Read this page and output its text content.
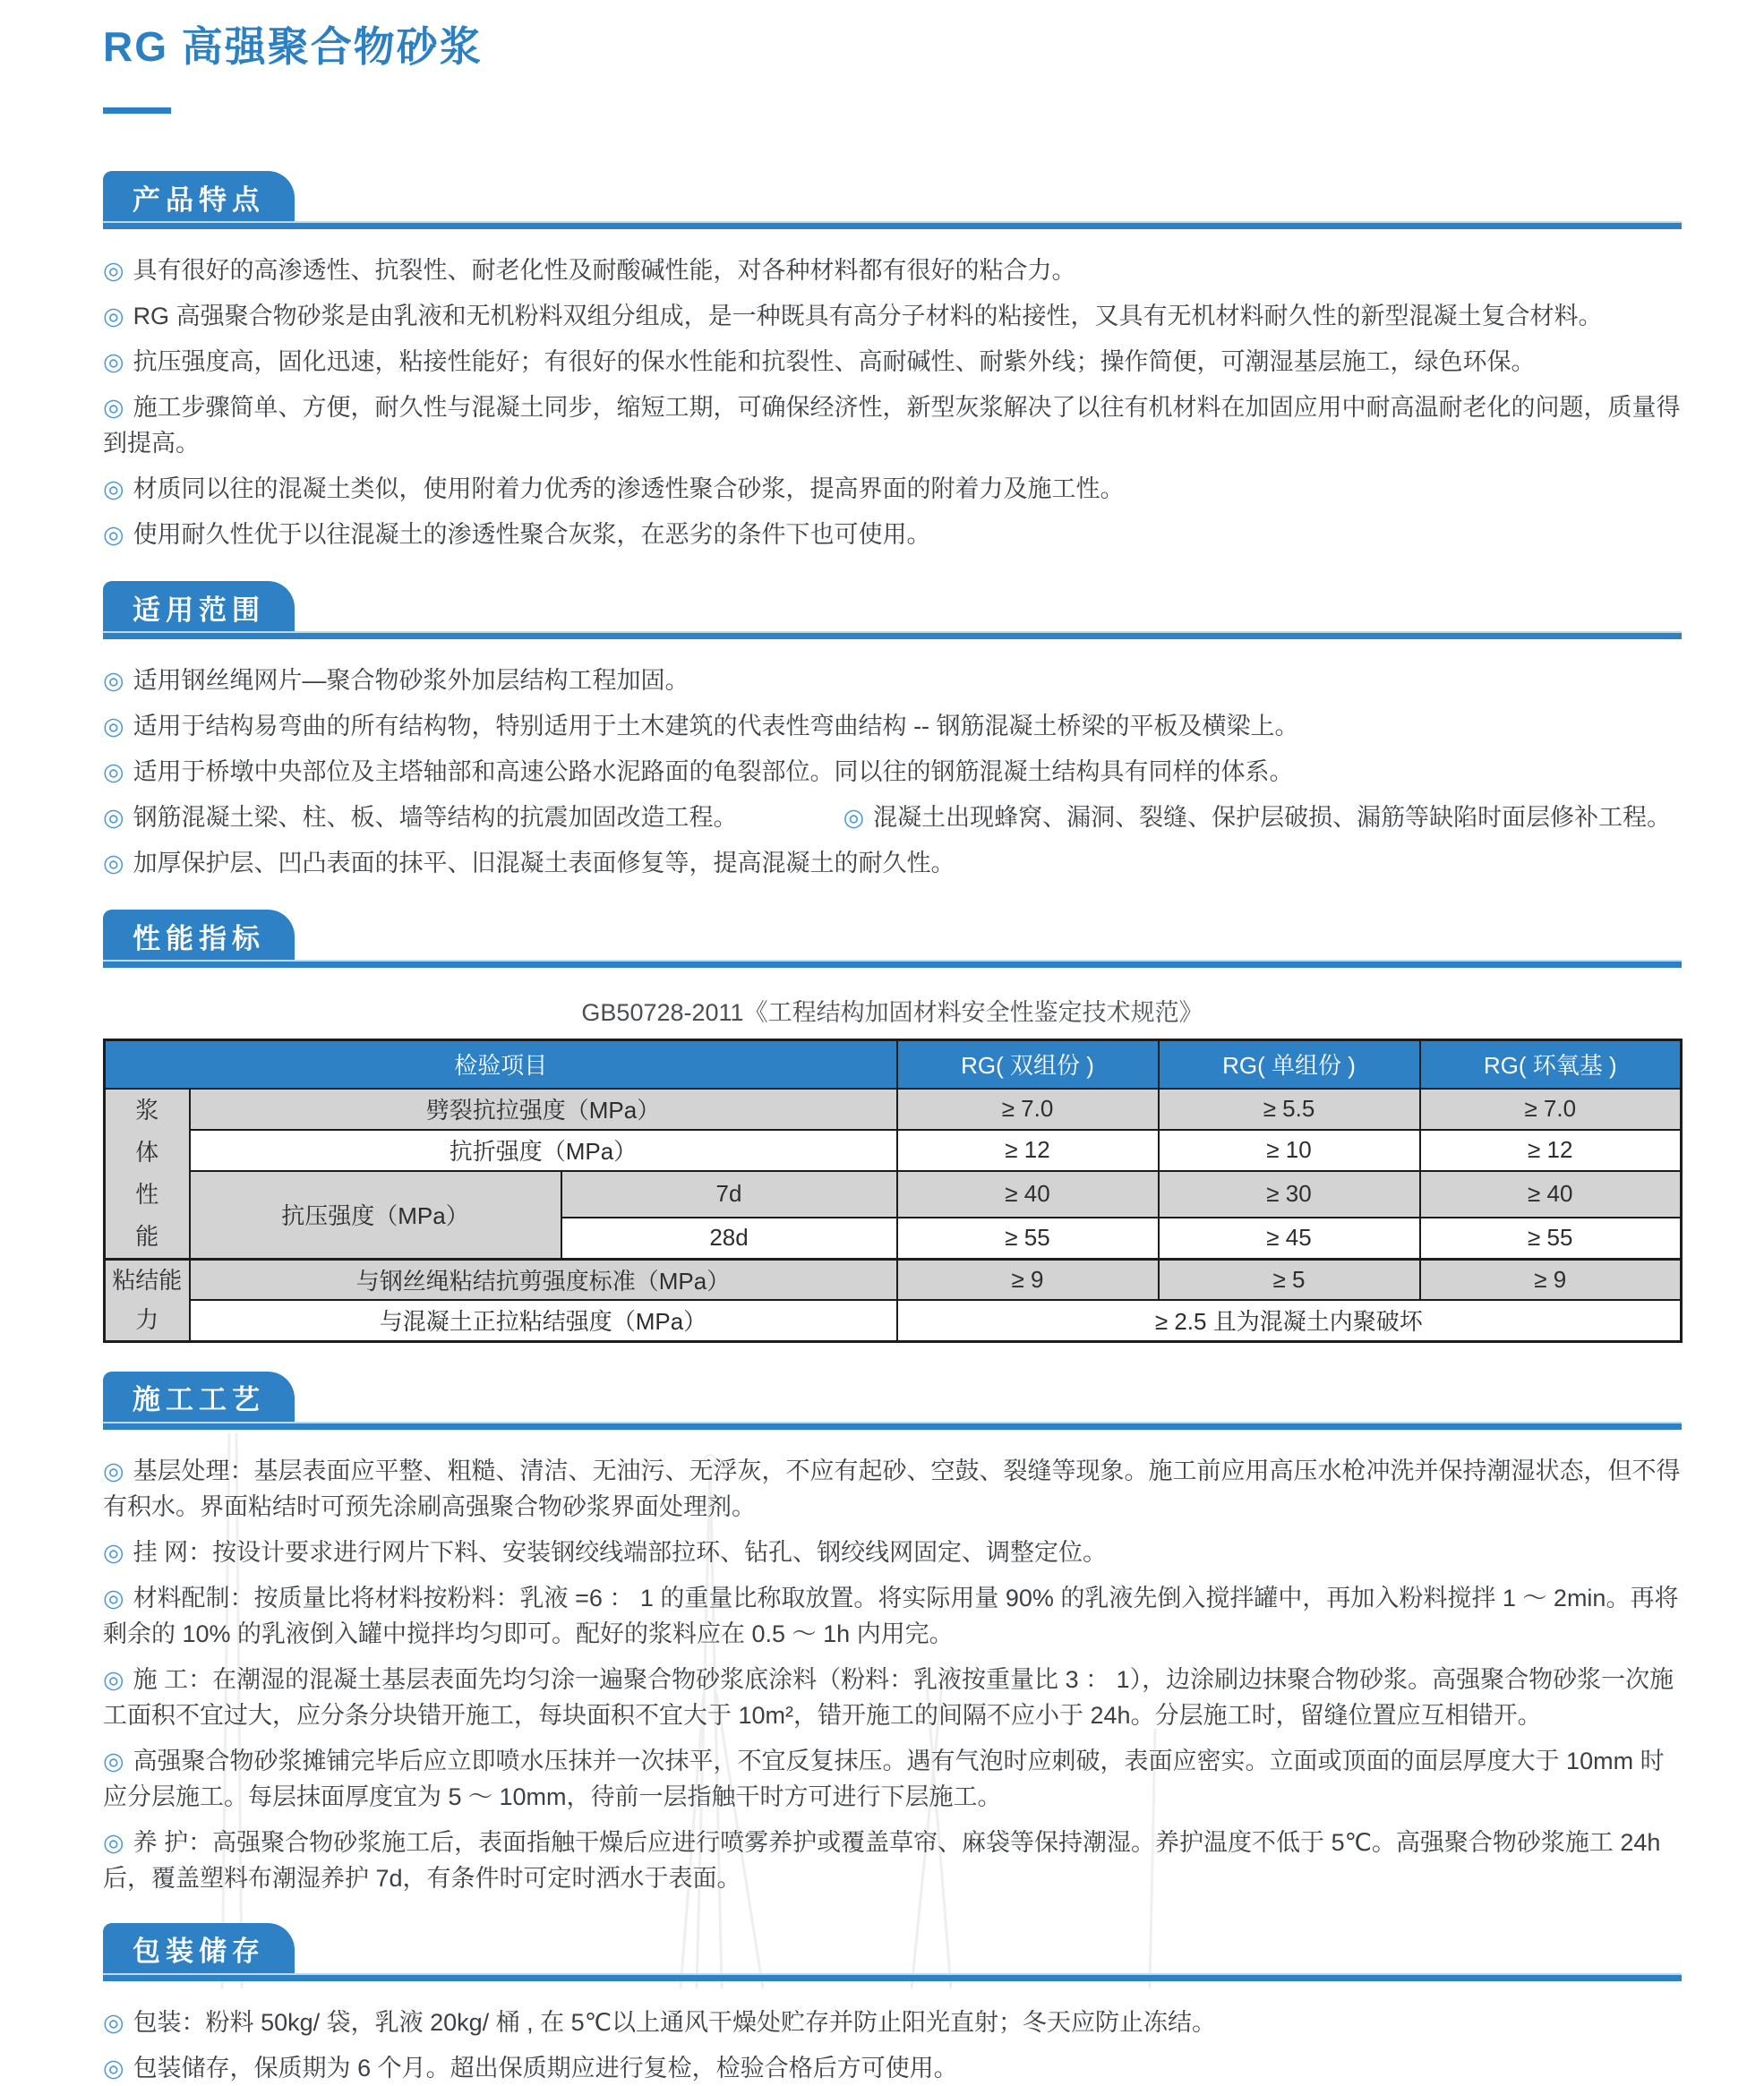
RG 高强聚合物砂浆
产品特点

◎ 具有很好的高渗透性、抗裂性、耐老化性及耐酸碱性能，对各种材料都有很好的粘合力。

◎ RG 高强聚合物砂浆是由乳液和无机粉料双组分组成，是一种既具有高分子材料的粘接性，又具有无机材料耐久性的新型混凝土复合材料。

◎ 抗压强度高，固化迅速，粘接性能好；有很好的保水性能和抗裂性、高耐碱性、耐紫外线；操作简便，可潮湿基层施工，绿色环保。

◎ 施工步骤简单、方便，耐久性与混凝土同步，缩短工期，可确保经济性，新型灰浆解决了以往有机材料在加固应用中耐高温耐老化的问题，质量得到提高。

◎ 材质同以往的混凝土类似，使用附着力优秀的渗透性聚合砂浆，提高界面的附着力及施工性。

◎ 使用耐久性优于以往混凝土的渗透性聚合灰浆，在恶劣的条件下也可使用。

适用范围

◎ 适用钢丝绳网片—聚合物砂浆外加层结构工程加固。

◎ 适用于结构易弯曲的所有结构物，特别适用于土木建筑的代表性弯曲结构 -- 钢筋混凝土桥梁的平板及横梁上。

◎ 适用于桥墩中央部位及主塔轴部和高速公路水泥路面的龟裂部位。同以往的钢筋混凝土结构具有同样的体系。

◎ 钢筋混凝土梁、柱、板、墙等结构的抗震加固改造工程。	◎ 混凝土出现蜂窝、漏洞、裂缝、保护层破损、漏筋等缺陷时面层修补工程。

◎ 加厚保护层、凹凸表面的抹平、旧混凝土表面修复等，提高混凝土的耐久性。

性能指标

GB50728-2011《工程结构加固材料安全性鉴定技术规范》

检验项目			RG( 双组份 )	RG( 单组份 )	RG( 环氧基 )
浆体性能	劈裂抗拉强度（MPa）		≥ 7.0	≥ 5.5	≥ 7.0
	抗折强度（MPa）		≥ 12	≥ 10	≥ 12
	抗压强度（MPa）	7d	≥ 40	≥ 30	≥ 40
		28d	≥ 55	≥ 45	≥ 55
粘结能力	与钢丝绳粘结抗剪强度标准（MPa）		≥ 9	≥ 5	≥ 9
	与混凝土正拉粘结强度（MPa）		≥ 2.5 且为混凝土内聚破坏		
施工工艺

◎ 基层处理：基层表面应平整、粗糙、清洁、无油污、无浮灰，不应有起砂、空鼓、裂缝等现象。施工前应用高压水枪冲洗并保持潮湿状态，但不得有积水。界面粘结时可预先涂刷高强聚合物砂浆界面处理剂。

◎ 挂 网：按设计要求进行网片下料、安装钢绞线端部拉环、钻孔、钢绞线网固定、调整定位。

◎ 材料配制：按质量比将材料按粉料：乳液 =6 ： 1 的重量比称取放置。将实际用量 90% 的乳液先倒入搅拌罐中，再加入粉料搅拌 1 ～ 2min。再将剩余的 10% 的乳液倒入罐中搅拌均匀即可。配好的浆料应在 0.5 ～ 1h 内用完。

◎ 施 工：在潮湿的混凝土基层表面先均匀涂一遍聚合物砂浆底涂料（粉料：乳液按重量比 3 ： 1），边涂刷边抹聚合物砂浆。高强聚合物砂浆一次施工面积不宜过大，应分条分块错开施工，每块面积不宜大于 10m²，错开施工的间隔不应小于 24h。分层施工时，留缝位置应互相错开。

◎ 高强聚合物砂浆摊铺完毕后应立即喷水压抹并一次抹平，不宜反复抹压。遇有气泡时应刺破，表面应密实。立面或顶面的面层厚度大于 10mm 时应分层施工。每层抹面厚度宜为 5 ～ 10mm，待前一层指触干时方可进行下层施工。

◎ 养 护：高强聚合物砂浆施工后，表面指触干燥后应进行喷雾养护或覆盖草帘、麻袋等保持潮湿。养护温度不低于 5℃。高强聚合物砂浆施工 24h 后，覆盖塑料布潮湿养护 7d，有条件时可定时洒水于表面。

包装储存

◎ 包装：粉料 50kg/ 袋，乳液 20kg/ 桶 , 在 5℃以上通风干燥处贮存并防止阳光直射；冬天应防止冻结。

◎ 包装储存，保质期为 6 个月。超出保质期应进行复检，检验合格后方可使用。
